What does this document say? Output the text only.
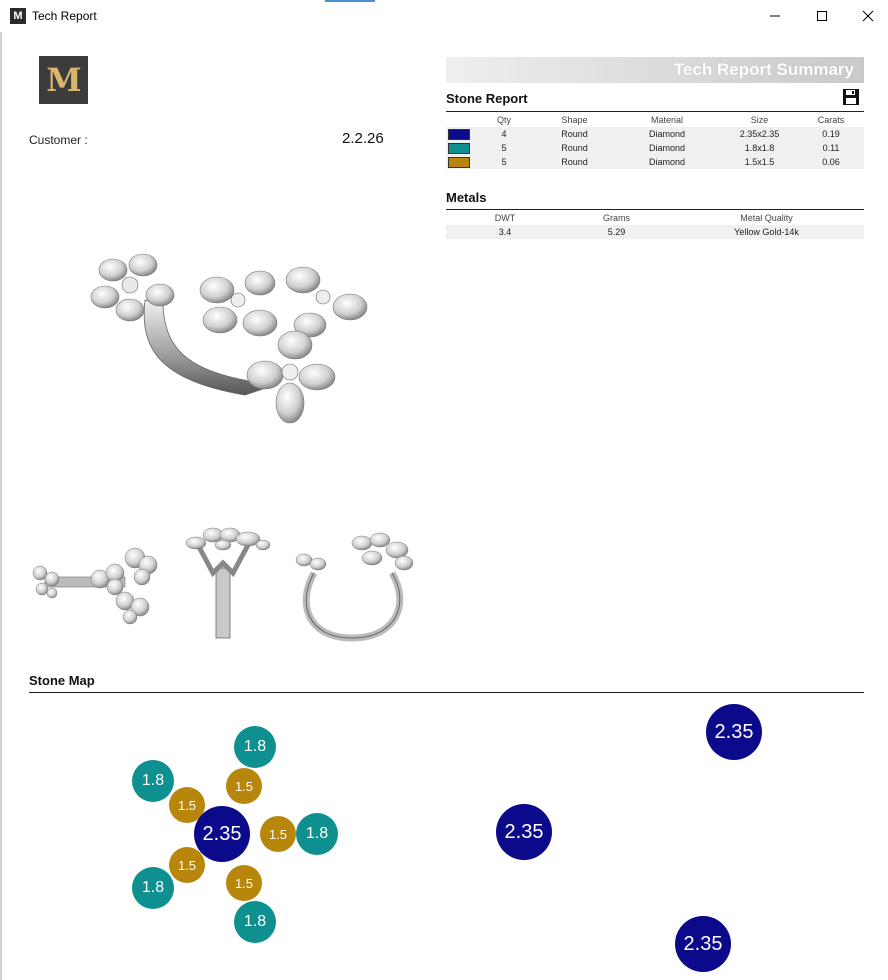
M Tech Report
M
Customer :	2.2.26
Tech Report Summary
Stone Report
	Qty	Shape	Material	Size	Carats
	4	Round	Diamond	2.35x2.35	0.19
	5	Round	Diamond	1.8x1.8	0.11
	5	Round	Diamond	1.5x1.5	0.06
Metals
DWT	Grams	Metal Quality
3.4	5.29	Yellow Gold-14k
Stone Map
1.8
1.8	1.5
1.5
2.35	1.5	1.8
1.5
1.5
1.8
1.8
2.35
2.35
2.35
